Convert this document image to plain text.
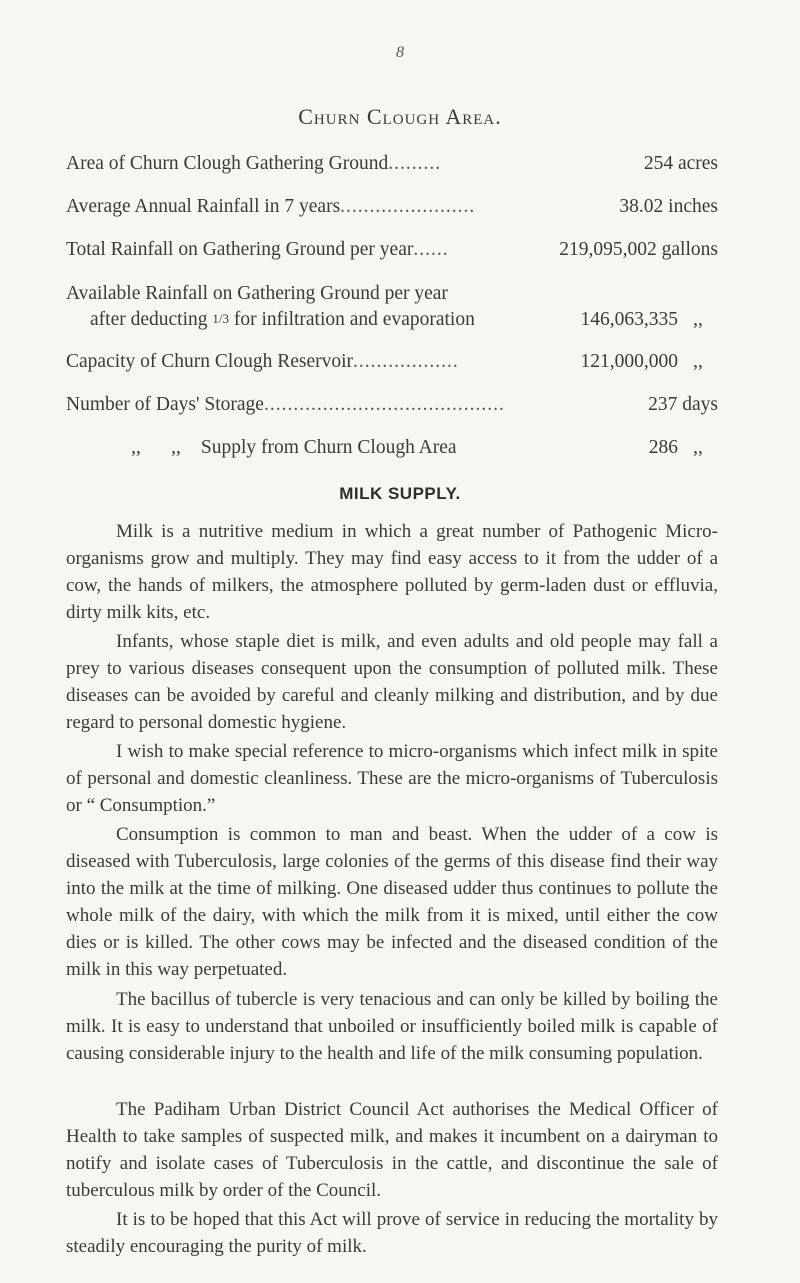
8
Churn Clough Area.
Area of Churn Clough Gathering Ground .........	254 acres
Average Annual Rainfall in 7 years .......................	38.02 inches
Total Rainfall on Gathering Ground per year ......	219,095,002 gallons
Available Rainfall on Gathering Ground per year
after deducting 1/3 for infiltration and evaporation	146,063,335 ,,
Capacity of Churn Clough Reservoir ..................	121,000,000 ,,
Number of Days' Storage .........................................	237 days
,, ,, Supply from Churn Clough Area	286 ,,
MILK SUPPLY.

Milk is a nutritive medium in which a great number of Pathogenic Micro-organisms grow and multiply. They may find easy access to it from the udder of a cow, the hands of milkers, the atmosphere polluted by germ-laden dust or effluvia, dirty milk kits, etc.

Infants, whose staple diet is milk, and even adults and old people may fall a prey to various diseases consequent upon the consumption of polluted milk. These diseases can be avoided by careful and cleanly milking and distribution, and by due regard to personal domestic hygiene.

I wish to make special reference to micro-organisms which infect milk in spite of personal and domestic cleanliness. These are the micro-organisms of Tuberculosis or “ Consumption.”

Consumption is common to man and beast. When the udder of a cow is diseased with Tuberculosis, large colonies of the germs of this disease find their way into the milk at the time of milking. One diseased udder thus continues to pollute the whole milk of the dairy, with which the milk from it is mixed, until either the cow dies or is killed. The other cows may be infected and the diseased condition of the milk in this way perpetuated.

The bacillus of tubercle is very tenacious and can only be killed by boiling the milk. It is easy to understand that unboiled or insufficiently boiled milk is capable of causing considerable injury to the health and life of the milk consuming population.

The Padiham Urban District Council Act authorises the Medical Officer of Health to take samples of suspected milk, and makes it incumbent on a dairyman to notify and isolate cases of Tuberculosis in the cattle, and discontinue the sale of tuberculous milk by order of the Council.

It is to be hoped that this Act will prove of service in reducing the mortality by steadily encouraging the purity of milk.
